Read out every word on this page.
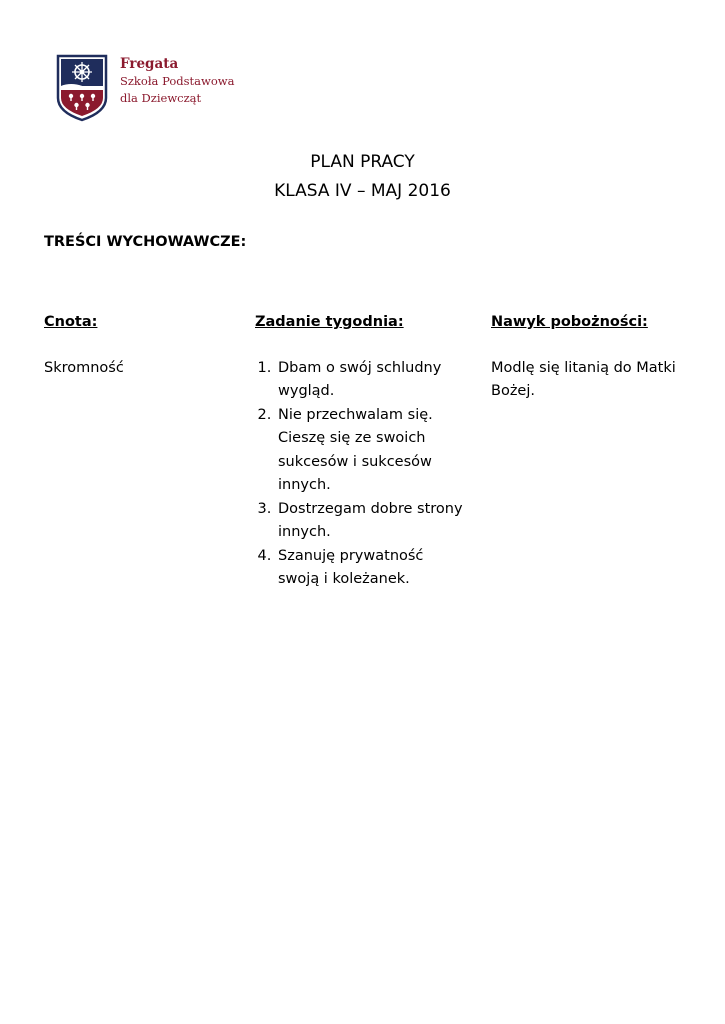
Fregata
Szkoła Podstawowa
dla Dziewcząt
PLAN PRACY
KLASA IV – MAJ 2016
TREŚCI WYCHOWAWCZE:
Cnota:
Skromność
Zadanie tygodnia:
1. Dbam o swój schludny wygląd.
2. Nie przechwalam się. Cieszę się ze swoich sukcesów i sukcesów innych.
3. Dostrzegam dobre strony innych.
4. Szanuję prywatność swoją i koleżanek.
Nawyk pobożności:
Modlę się litanią do Matki Bożej.
